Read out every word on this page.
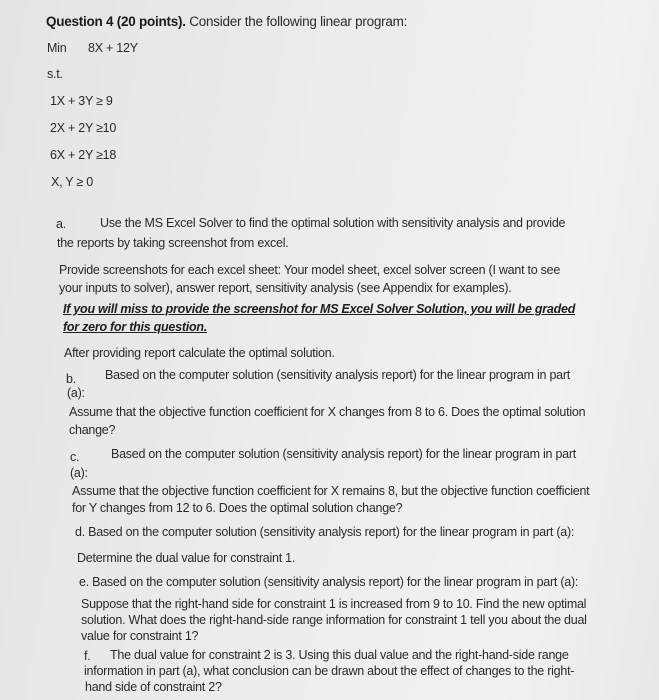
Question 4 (20 points). Consider the following linear program:
Min 8X + 12Y
s.t.
1X + 3Y ≥ 9
2X + 2Y ≥10
6X + 2Y ≥18
X, Y ≥ 0
a.	Use the MS Excel Solver to find the optimal solution with sensitivity analysis and provide
the reports by taking screenshot from excel.
Provide screenshots for each excel sheet: Your model sheet, excel solver screen (I want to see
your inputs to solver), answer report, sensitivity analysis (see Appendix for examples).
If you will miss to provide the screenshot for MS Excel Solver Solution, you will be graded
for zero for this question.
After providing report calculate the optimal solution.
b. Based on the computer solution (sensitivity analysis report) for the linear program in part
(a):
Assume that the objective function coefficient for X changes from 8 to 6. Does the optimal solution
change?
c.	Based on the computer solution (sensitivity analysis report) for the linear program in part
(a):
Assume that the objective function coefficient for X remains 8, but the objective function coefficient
for Y changes from 12 to 6. Does the optimal solution change?
d. Based on the computer solution (sensitivity analysis report) for the linear program in part (a):
Determine the dual value for constraint 1.
e. Based on the computer solution (sensitivity analysis report) for the linear program in part (a):
Suppose that the right-hand side for constraint 1 is increased from 9 to 10. Find the new optimal
solution. What does the right-hand-side range information for constraint 1 tell you about the dual
value for constraint 1?
f. The dual value for constraint 2 is 3. Using this dual value and the right-hand-side range
information in part (a), what conclusion can be drawn about the effect of changes to the right-
hand side of constraint 2?
